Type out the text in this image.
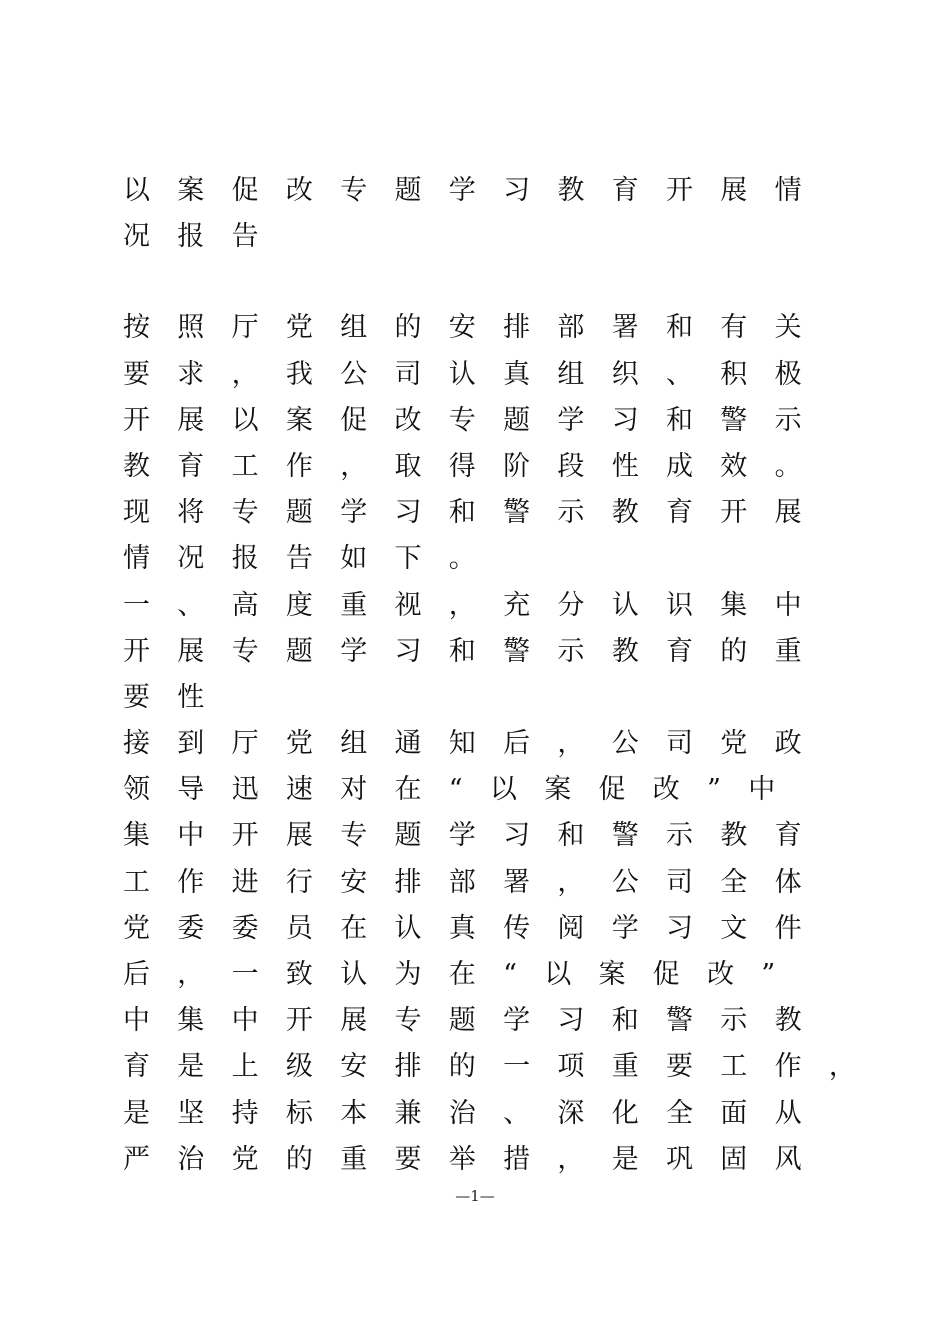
以案促改专题学习教育开展情
况报告
按照厅党组的安排部署和有关
要求，我公司认真组织、积极
开展以案促改专题学习和警示
教育工作，取得阶段性成效。
现将专题学习和警示教育开展
情况报告如下。
一、高度重视，充分认识集中
开展专题学习和警示教育的重
要性
接到厅党组通知后，公司党政
领导迅速对在“以案促改”中
集中开展专题学习和警示教育
工作进行安排部署，公司全体
党委委员在认真传阅学习文件
后，一致认为在“以案促改”
中集中开展专题学习和警示教
育是上级安排的一项重要工作，
是坚持标本兼治、深化全面从
严治党的重要举措，是巩固风
—1—
